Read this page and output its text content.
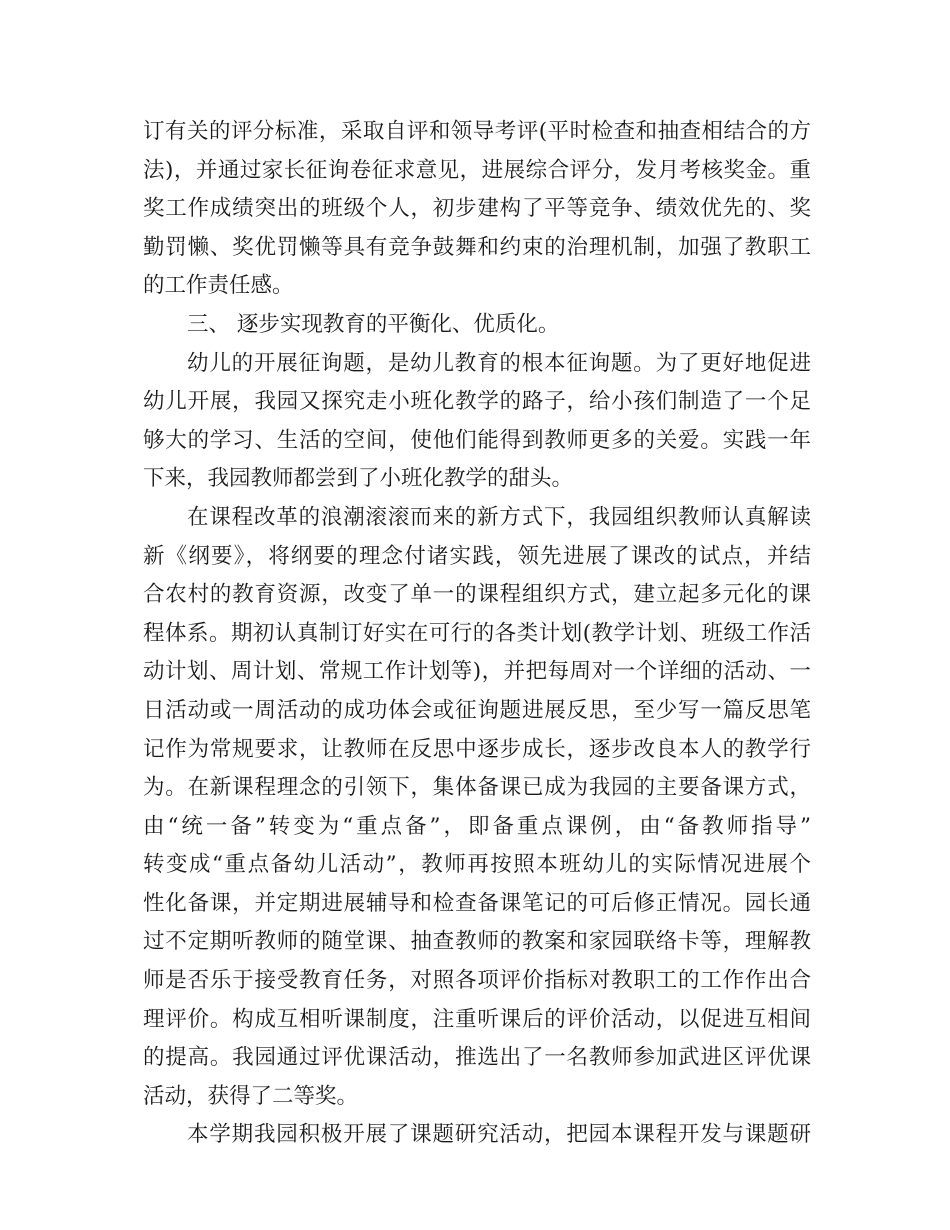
订有关的评分标准，采取自评和领导考评(平时检查和抽查相结合的方
法)，并通过家长征询卷征求意见，进展综合评分，发月考核奖金。重
奖工作成绩突出的班级个人，初步建构了平等竞争、绩效优先的、奖
勤罚懒、奖优罚懒等具有竞争鼓舞和约束的治理机制，加强了教职工
的工作责任感。
三、 逐步实现教育的平衡化、优质化。
幼儿的开展征询题，是幼儿教育的根本征询题。为了更好地促进
幼儿开展，我园又探究走小班化教学的路子，给小孩们制造了一个足
够大的学习、生活的空间，使他们能得到教师更多的关爱。实践一年
下来，我园教师都尝到了小班化教学的甜头。
在课程改革的浪潮滚滚而来的新方式下，我园组织教师认真解读
新《纲要》，将纲要的理念付诸实践，领先进展了课改的试点，并结
合农村的教育资源，改变了单一的课程组织方式，建立起多元化的课
程体系。期初认真制订好实在可行的各类计划(教学计划、班级工作活
动计划、周计划、常规工作计划等)，并把每周对一个详细的活动、一
日活动或一周活动的成功体会或征询题进展反思，至少写一篇反思笔
记作为常规要求，让教师在反思中逐步成长，逐步改良本人的教学行
为。在新课程理念的引领下，集体备课已成为我园的主要备课方式，
由“统一备”转变为“重点备”，即备重点课例，由“备教师指导”
转变成“重点备幼儿活动”，教师再按照本班幼儿的实际情况进展个
性化备课，并定期进展辅导和检查备课笔记的可后修正情况。园长通
过不定期听教师的随堂课、抽查教师的教案和家园联络卡等，理解教
师是否乐于接受教育任务，对照各项评价指标对教职工的工作作出合
理评价。构成互相听课制度，注重听课后的评价活动，以促进互相间
的提高。我园通过评优课活动，推选出了一名教师参加武进区评优课
活动，获得了二等奖。
本学期我园积极开展了课题研究活动，把园本课程开发与课题研
